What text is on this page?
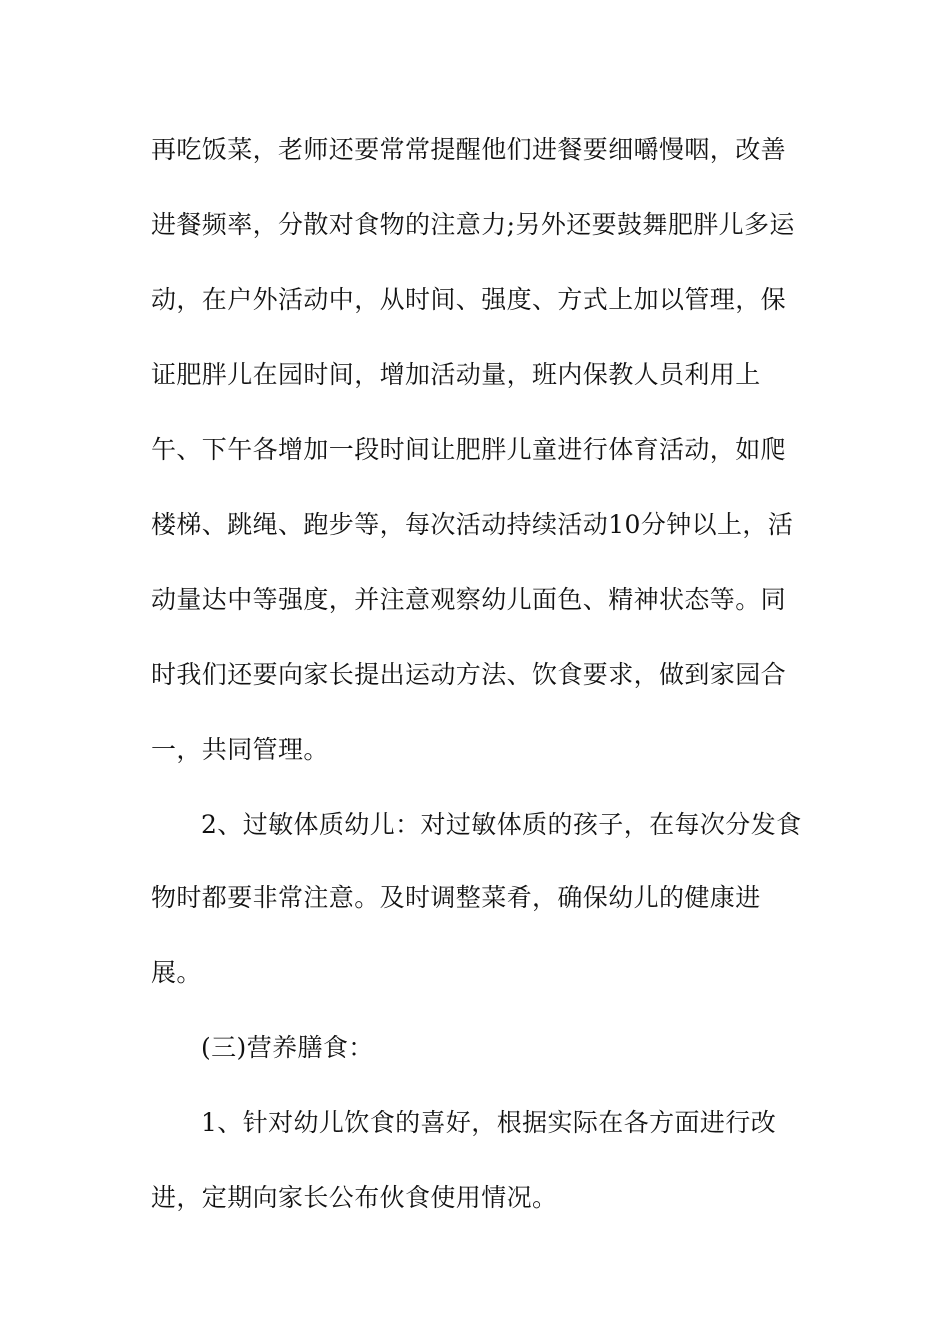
再吃饭菜，老师还要常常提醒他们进餐要细嚼慢咽，改善
进餐频率，分散对食物的注意力;另外还要鼓舞肥胖儿多运
动，在户外活动中，从时间、强度、方式上加以管理，保
证肥胖儿在园时间，增加活动量，班内保教人员利用上
午、下午各增加一段时间让肥胖儿童进行体育活动，如爬
楼梯、跳绳、跑步等，每次活动持续活动10分钟以上，活
动量达中等强度，并注意观察幼儿面色、精神状态等。同
时我们还要向家长提出运动方法、饮食要求，做到家园合
一，共同管理。
2、过敏体质幼儿：对过敏体质的孩子，在每次分发食
物时都要非常注意。及时调整菜肴，确保幼儿的健康进
展。
(三)营养膳食：
1、针对幼儿饮食的喜好，根据实际在各方面进行改
进，定期向家长公布伙食使用情况。
